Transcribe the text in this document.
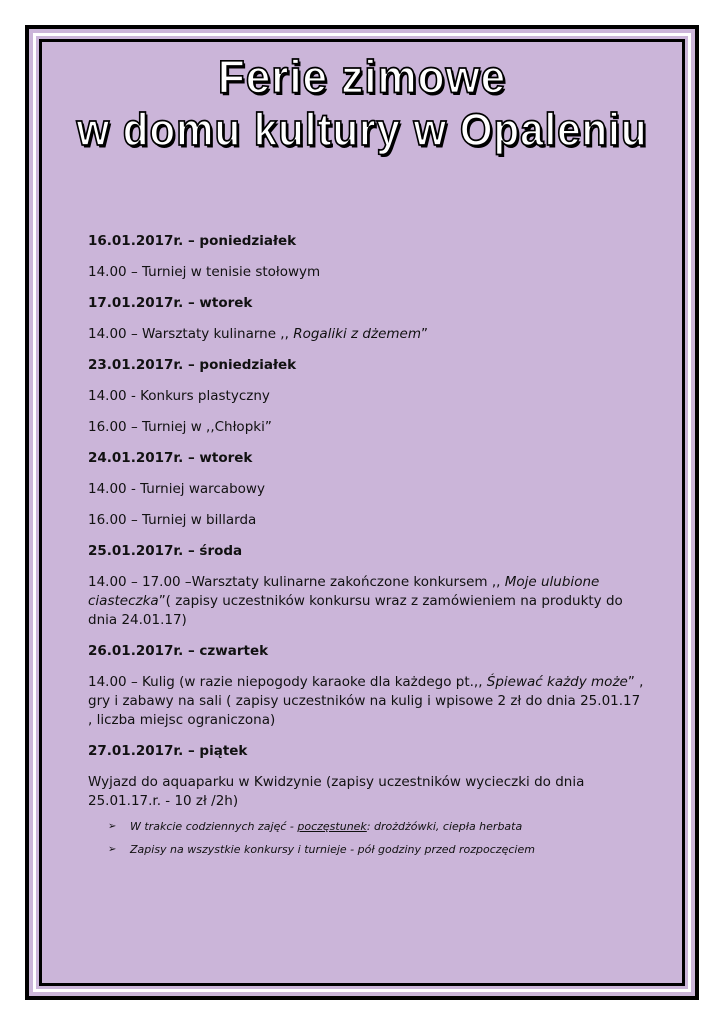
Ferie zimowe
w domu kultury w Opaleniu
16.01.2017r. – poniedziałek
14.00 – Turniej w tenisie stołowym
17.01.2017r. – wtorek
14.00 – Warsztaty kulinarne ,, Rogaliki z dżemem”
23.01.2017r. – poniedziałek
14.00 - Konkurs plastyczny
16.00 – Turniej w ,,Chłopki”
24.01.2017r. – wtorek
14.00 - Turniej warcabowy
16.00 – Turniej w billarda
25.01.2017r. – środa
14.00 – 17.00 –Warsztaty kulinarne zakończone konkursem ,, Moje ulubione ciasteczka”( zapisy uczestników konkursu wraz z zamówieniem na produkty do dnia 24.01.17)
26.01.2017r. – czwartek
14.00 – Kulig (w razie niepogody karaoke dla każdego pt.,, Śpiewać każdy może” , gry i zabawy na sali ( zapisy uczestników na kulig i wpisowe 2 zł do dnia 25.01.17 , liczba miejsc ograniczona)
27.01.2017r. – piątek
Wyjazd do aquaparku w Kwidzynie (zapisy uczestników wycieczki do dnia 25.01.17.r. - 10 zł /2h)
➢ W trakcie codziennych zajęć - poczęstunek: drożdżówki, ciepła herbata
➢ Zapisy na wszystkie konkursy i turnieje - pół godziny przed rozpoczęciem
